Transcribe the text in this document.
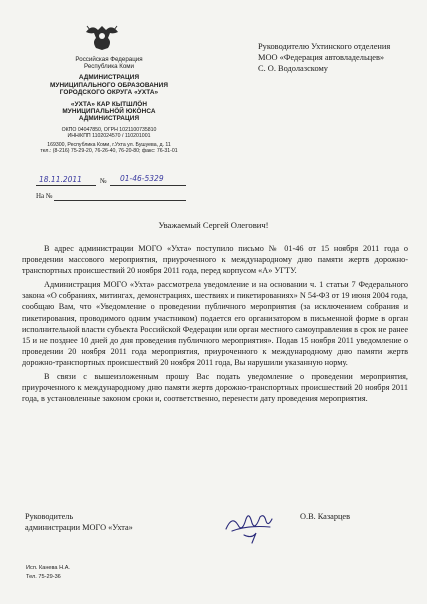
Российская Федерация
Республика Коми
АДМИНИСТРАЦИЯ
МУНИЦИПАЛЬНОГО ОБРАЗОВАНИЯ
ГОРОДСКОГО ОКРУГА «УХТА»
«УХТА» КАР КЫТШЛӦН
МУНИЦИПАЛЬНӦЙ ЮКӦНСА
АДМИНИСТРАЦИЯ
ОКПО 04047850, ОГРН 1021100735810
ИНН/КПП 1102024570 / 110201001
169300, Республика Коми, г.Ухта ул. Бушуева, д. 11
тел.: (8-216) 75-29-20, 76-26-40, 76-20-80; факс: 76-31-01
Руководителю Ухтинского отделения
МОО «Федерация автовладельцев»
С. О. Водолазскому
18.11.2011	№ 01-46-5329
На №
Уважаемый Сергей Олегович!

В адрес администрации МОГО «Ухта» поступило письмо № 01-46 от 15 ноября 2011 года о проведении массового мероприятия, приуроченного к международному дню памяти жертв дорожно-транспортных происшествий 20 ноября 2011 года, перед корпусом «А» УГТУ.

Администрация МОГО «Ухта» рассмотрела уведомление и на основании ч. 1 статьи 7 Федерального закона «О собраниях, митингах, демонстрациях, шествиях и пикетированиях» N 54-ФЗ от 19 июня 2004 года, сообщаю Вам, что «Уведомление о проведении публичного мероприятия (за исключением собрания и пикетирования, проводимого одним участником) подается его организатором в письменной форме в орган исполнительной власти субъекта Российской Федерации или орган местного самоуправления в срок не ранее 15 и не позднее 10 дней до дня проведения публичного мероприятия». Подав 15 ноября 2011 уведомление о проведении 20 ноября 2011 года мероприятия, приуроченного к международному дню памяти жертв дорожно-транспортных происшествий 20 ноября 2011 года, Вы нарушили указанную норму.

В связи с вышеизложенным прошу Вас подать уведомление о проведении мероприятия, приуроченного к международному дню памяти жертв дорожно-транспортных происшествий 20 ноября 2011 года, в установленные законом сроки и, соответственно, перенести дату проведения мероприятия.

Руководитель
администрации МОГО «Ухта»
О.В. Казарцев
Исп. Канева Н.А.
Тел. 75-29-36
